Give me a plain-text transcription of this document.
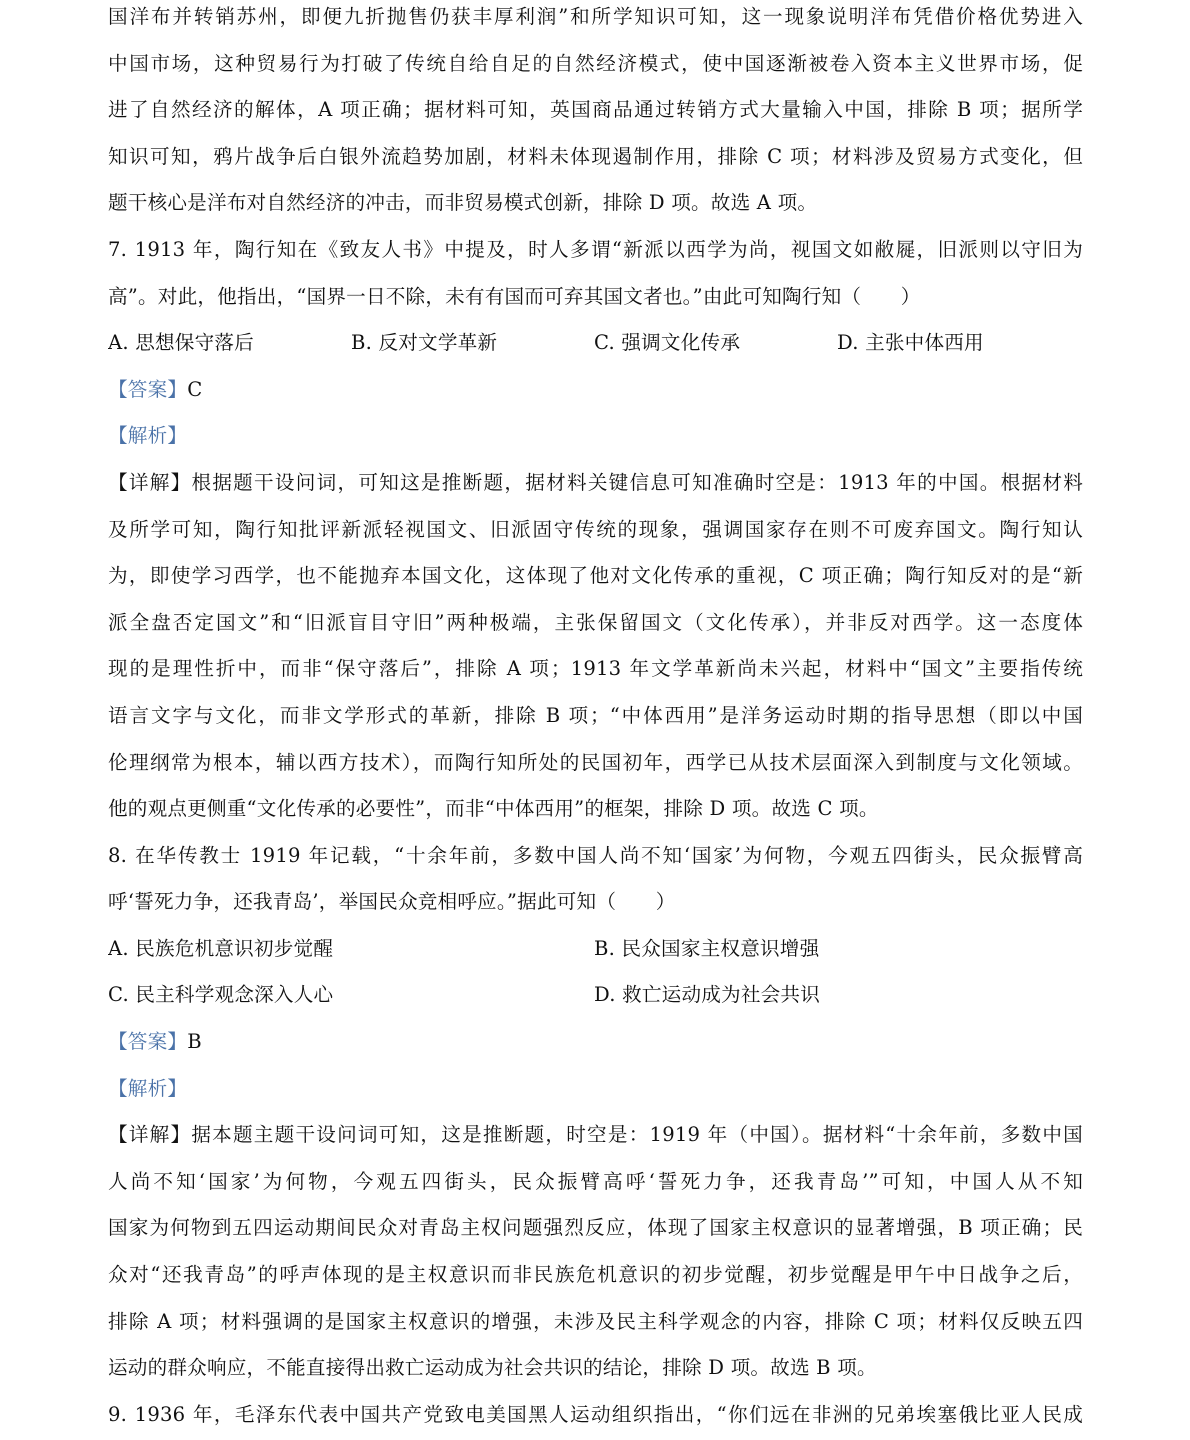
国洋布并转销苏州，即便九折抛售仍获丰厚利润”和所学知识可知，这一现象说明洋布凭借价格优势进入
中国市场，这种贸易行为打破了传统自给自足的自然经济模式，使中国逐渐被卷入资本主义世界市场，促
进了自然经济的解体，A 项正确；据材料可知，英国商品通过转销方式大量输入中国，排除 B 项；据所学
知识可知，鸦片战争后白银外流趋势加剧，材料未体现遏制作用，排除 C 项；材料涉及贸易方式变化，但
题干核心是洋布对自然经济的冲击，而非贸易模式创新，排除 D 项。故选 A 项。
7. 1913 年，陶行知在《致友人书》中提及，时人多谓“新派以西学为尚，视国文如敝屣，旧派则以守旧为
高”。对此，他指出，“国界一日不除，未有有国而可弃其国文者也。”由此可知陶行知（　　）
A. 思想保守落后	B. 反对文学革新	C. 强调文化传承	D. 主张中体西用
【答案】C
【解析】
【详解】根据题干设问词，可知这是推断题，据材料关键信息可知准确时空是：1913 年的中国。根据材料
及所学可知，陶行知批评新派轻视国文、旧派固守传统的现象，强调国家存在则不可废弃国文。陶行知认
为，即使学习西学，也不能抛弃本国文化，这体现了他对文化传承的重视，C 项正确；陶行知反对的是“新
派全盘否定国文”和“旧派盲目守旧”两种极端，主张保留国文（文化传承），并非反对西学。这一态度体
现的是理性折中，而非“保守落后”，排除 A 项；1913 年文学革新尚未兴起，材料中“国文”主要指传统
语言文字与文化，而非文学形式的革新，排除 B 项；“中体西用”是洋务运动时期的指导思想（即以中国
伦理纲常为根本，辅以西方技术），而陶行知所处的民国初年，西学已从技术层面深入到制度与文化领域。
他的观点更侧重“文化传承的必要性”，而非“中体西用”的框架，排除 D 项。故选 C 项。
8. 在华传教士 1919 年记载，“十余年前，多数中国人尚不知‘国家’为何物，今观五四街头，民众振臂高
呼‘誓死力争，还我青岛’，举国民众竞相呼应。”据此可知（　　）
A. 民族危机意识初步觉醒	B. 民众国家主权意识增强
C. 民主科学观念深入人心	D. 救亡运动成为社会共识
【答案】B
【解析】
【详解】据本题主题干设问词可知，这是推断题，时空是：1919 年（中国）。据材料“十余年前，多数中国
人尚不知‘国家’为何物，今观五四街头，民众振臂高呼‘誓死力争，还我青岛’”可知，中国人从不知
国家为何物到五四运动期间民众对青岛主权问题强烈反应，体现了国家主权意识的显著增强，B 项正确；民
众对“还我青岛”的呼声体现的是主权意识而非民族危机意识的初步觉醒，初步觉醒是甲午中日战争之后，
排除 A 项；材料强调的是国家主权意识的增强，未涉及民主科学观念的内容，排除 C 项；材料仅反映五四
运动的群众响应，不能直接得出救亡运动成为社会共识的结论，排除 D 项。故选 B 项。
9. 1936 年，毛泽东代表中国共产党致电美国黑人运动组织指出，“你们远在非洲的兄弟埃塞俄比亚人民成
